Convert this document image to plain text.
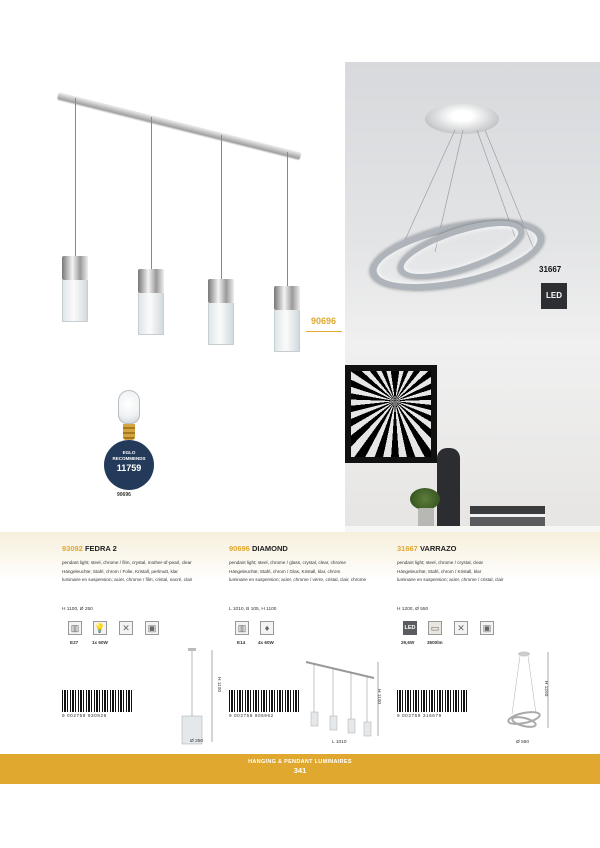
90696
EGLO
RECOMMENDS
11759
90696
31667
LED
93092 FEDRA 2
pendant light; steel, chrome / film, crystal, mother-of-pearl, clear
Hängeleuchte; Stahl, chrom / Folie, Kristall, perlmutt, klar
luminaire en suspension; acier, chrome / film, cristal, nacré, clair
H 1100, Ø 250
▥ 💡 ✕ ▣
E27	1x 60W
9 002759 930929
H 1100
Ø 250
90696 DIAMOND
pendant light; steel, chrome / glass, crystal, clear, chrome
Hängeleuchte; Stahl, chrom / Glas, Kristall, klar, chrom
luminaire en suspension; acier, chrome / verre, cristal, clair, chrome
L 1010, B 105, H 1100
▥	♦
E14	4x 60W
9 002759 906962
H 1100
L 1010
31667 VARRAZO
pendant light; steel, chrome / crystal, clear
Hängeleuchte; Stahl, chrom / Kristall, klar
luminaire en suspension; acier, chrome / cristal, clair
H 1200, Ø 550
LED ▭ ✕ ▣
29,6W	3500lm
9 002759 316679
H 1200
Ø 550
HANGING & PENDANT LUMINAIRES
341
